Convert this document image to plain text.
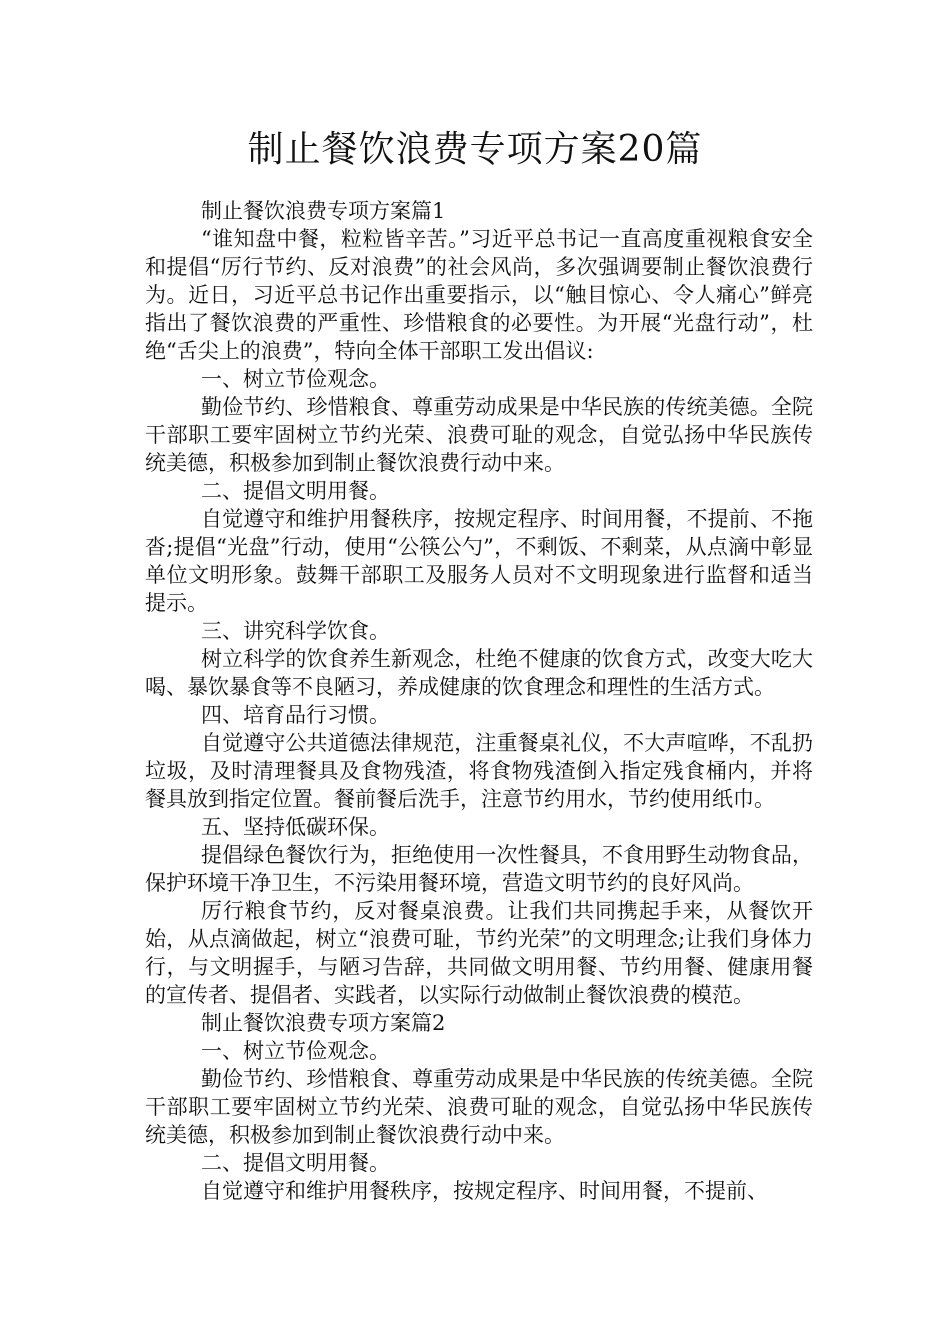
制止餐饮浪费专项方案20篇

制止餐饮浪费专项方案篇1

“谁知盘中餐，粒粒皆辛苦。”习近平总书记一直高度重视粮食安全和提倡“厉行节约、反对浪费”的社会风尚，多次强调要制止餐饮浪费行为。近日，习近平总书记作出重要指示，以“触目惊心、令人痛心”鲜亮指出了餐饮浪费的严重性、珍惜粮食的必要性。为开展“光盘行动”，杜绝“舌尖上的浪费”，特向全体干部职工发出倡议:

一、树立节俭观念。

勤俭节约、珍惜粮食、尊重劳动成果是中华民族的传统美德。全院干部职工要牢固树立节约光荣、浪费可耻的观念，自觉弘扬中华民族传统美德，积极参加到制止餐饮浪费行动中来。

二、提倡文明用餐。

自觉遵守和维护用餐秩序，按规定程序、时间用餐，不提前、不拖沓;提倡“光盘”行动，使用“公筷公勺”，不剩饭、不剩菜，从点滴中彰显单位文明形象。鼓舞干部职工及服务人员对不文明现象进行监督和适当提示。

三、讲究科学饮食。

树立科学的饮食养生新观念，杜绝不健康的饮食方式，改变大吃大喝、暴饮暴食等不良陋习，养成健康的饮食理念和理性的生活方式。

四、培育品行习惯。

自觉遵守公共道德法律规范，注重餐桌礼仪，不大声喧哗，不乱扔垃圾，及时清理餐具及食物残渣，将食物残渣倒入指定残食桶内，并将餐具放到指定位置。餐前餐后洗手，注意节约用水，节约使用纸巾。

五、坚持低碳环保。

提倡绿色餐饮行为，拒绝使用一次性餐具，不食用野生动物食品，保护环境干净卫生，不污染用餐环境，营造文明节约的良好风尚。

厉行粮食节约，反对餐桌浪费。让我们共同携起手来，从餐饮开始，从点滴做起，树立“浪费可耻，节约光荣”的文明理念;让我们身体力行，与文明握手，与陋习告辞，共同做文明用餐、节约用餐、健康用餐的宣传者、提倡者、实践者，以实际行动做制止餐饮浪费的模范。

制止餐饮浪费专项方案篇2

一、树立节俭观念。

勤俭节约、珍惜粮食、尊重劳动成果是中华民族的传统美德。全院干部职工要牢固树立节约光荣、浪费可耻的观念，自觉弘扬中华民族传统美德，积极参加到制止餐饮浪费行动中来。

二、提倡文明用餐。

自觉遵守和维护用餐秩序，按规定程序、时间用餐，不提前、
